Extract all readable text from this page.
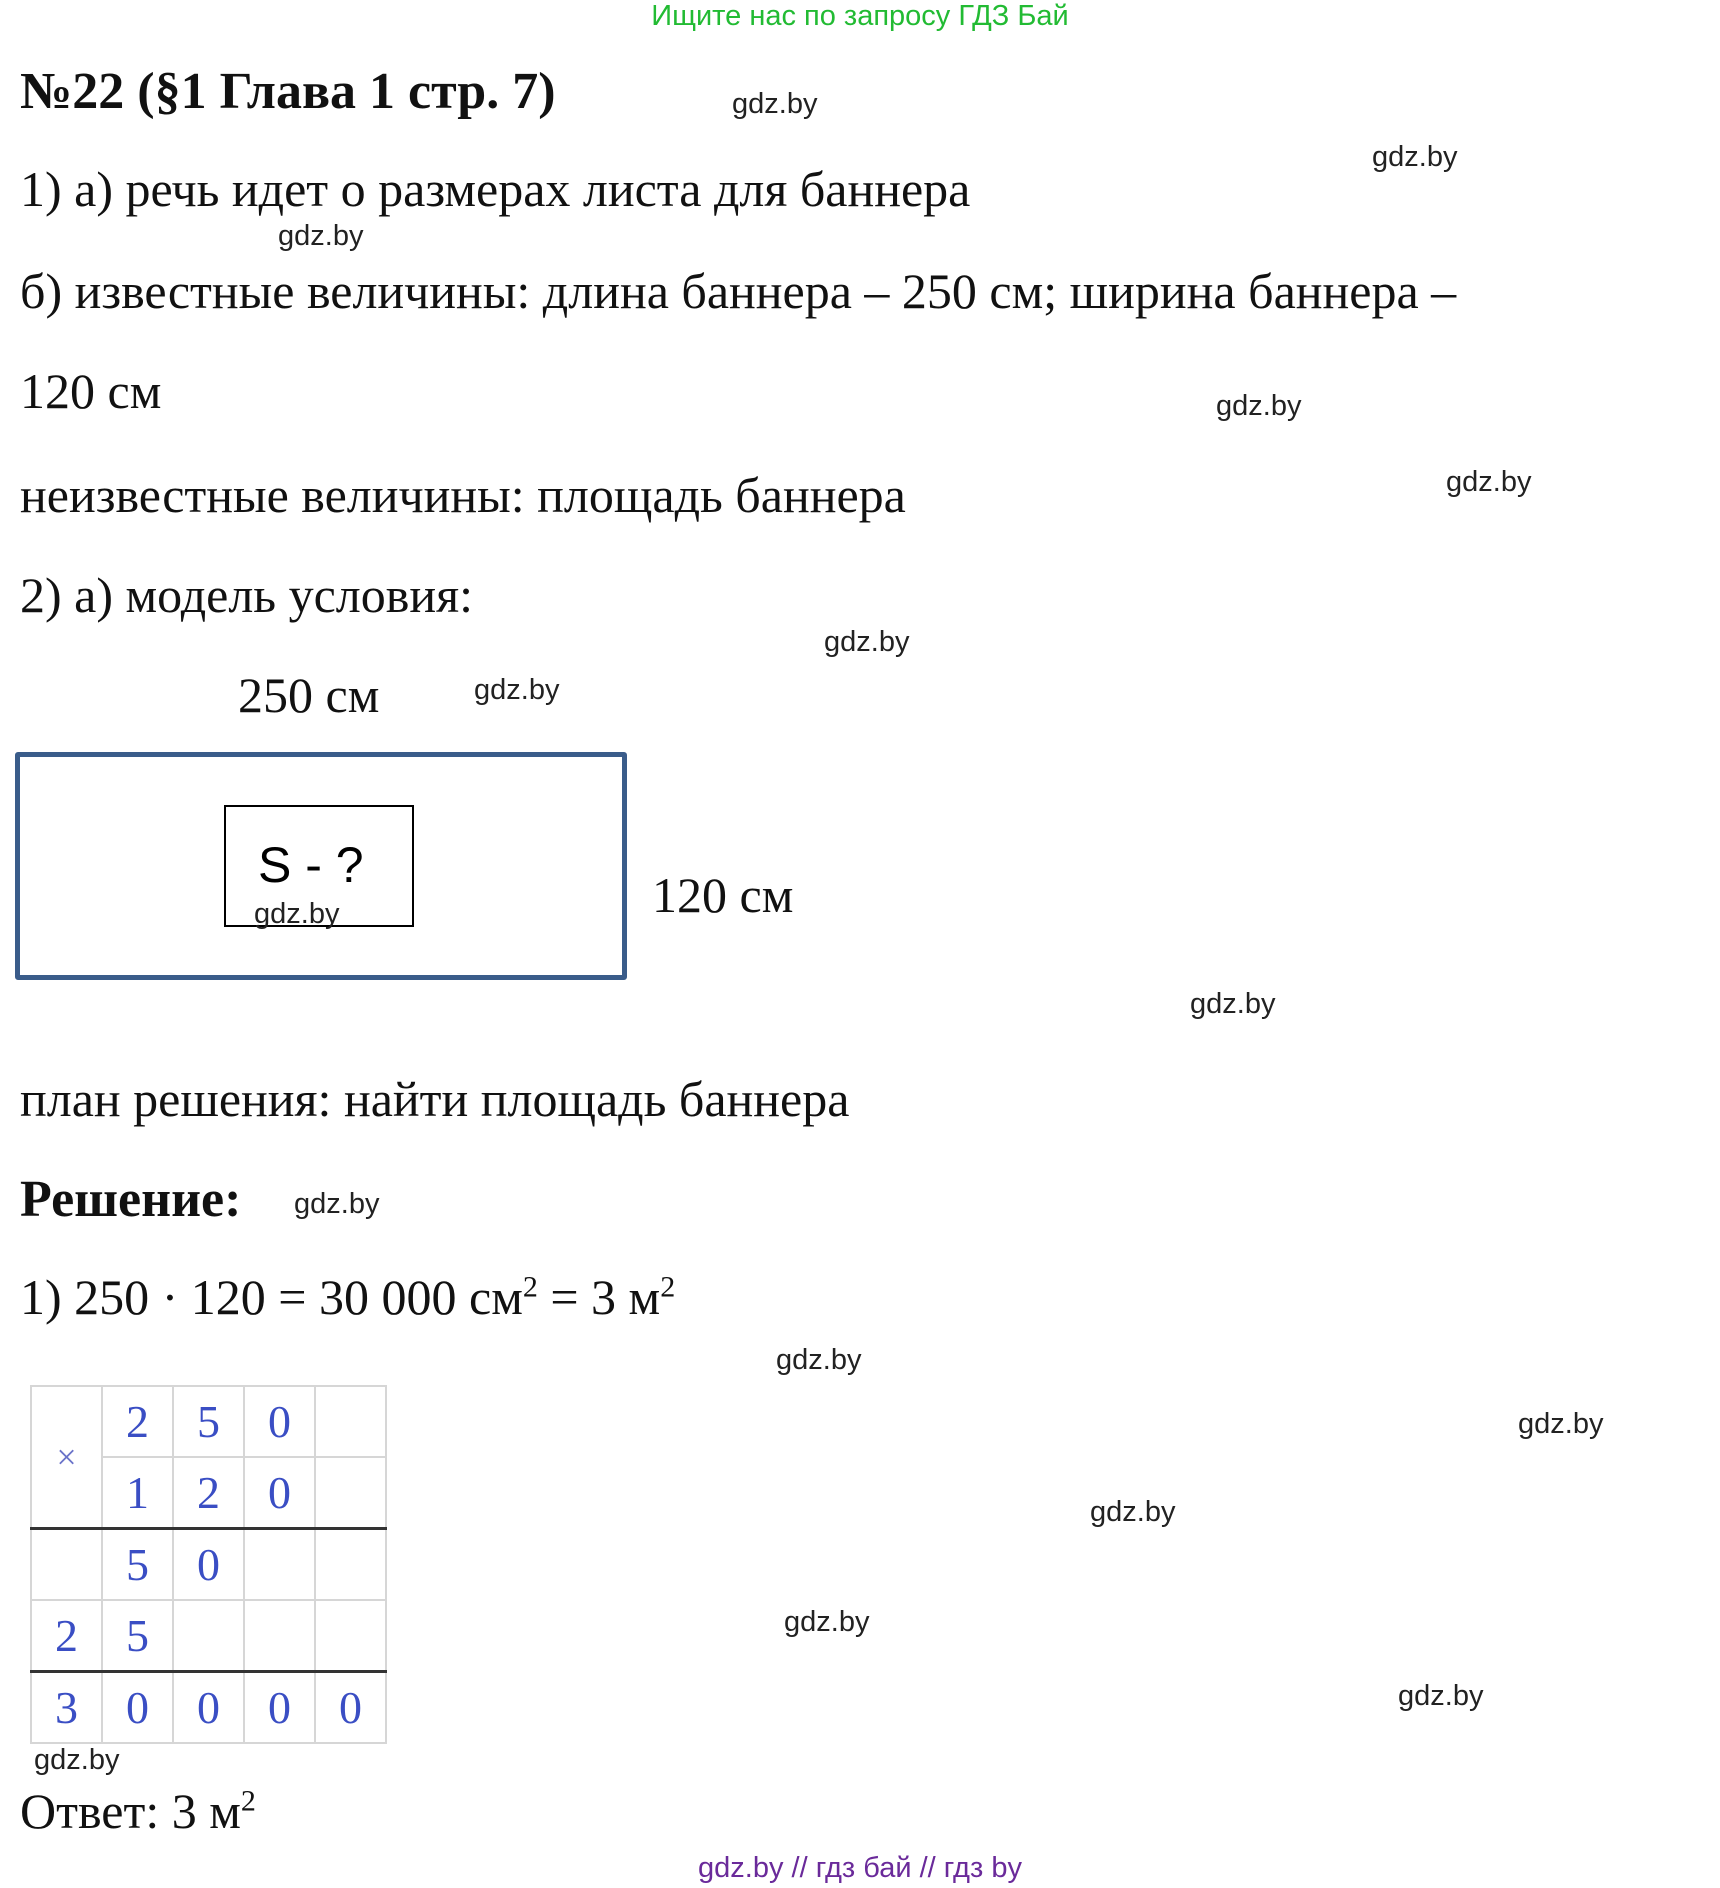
Ищите нас по запросу ГДЗ Бай
№22 (§1 Глава 1 стр. 7)
1) а) речь идет о размерах листа для баннера
б) известные величины: длина баннера – 250 см; ширина баннера –
120 см
неизвестные величины: площадь баннера
2) а) модель условия:
250 см
S - ?
120 см
план решения: найти площадь баннера
Решение:
1) 250 · 120 = 30 000 $см^2 = 3$ $м^2$
×	2	5	0	
	1	2	0	
	5	0		
2	5			
3	0	0	0	0
Ответ: 3 $м^2$
gdz.by
gdz.by
gdz.by
gdz.by
gdz.by
gdz.by
gdz.by
gdz.by
gdz.by
gdz.by
gdz.by
gdz.by
gdz.by
gdz.by
gdz.by
gdz.by
gdz.by // гдз бай // гдз by
